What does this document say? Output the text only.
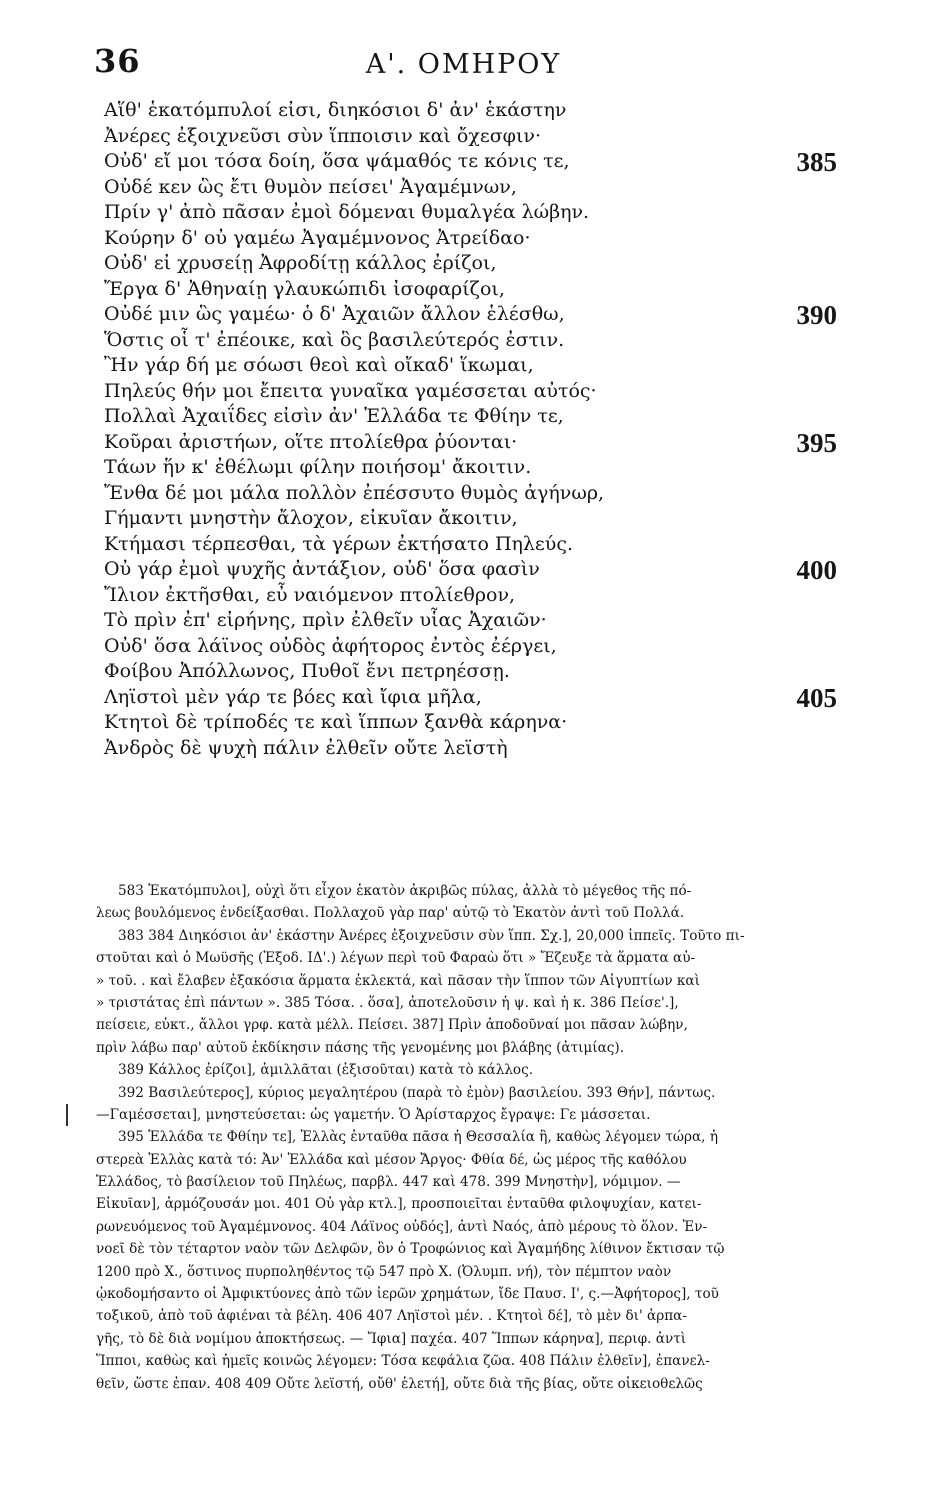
36	Α'. ΟΜΗΡΟΥ
Αἵθ' ἑκατόμπυλοί εἰσι, διηκόσιοι δ' ἀν' ἑκάστην
Ἀνέρες ἐξοιχνεῦσι σὺν ἵπποισιν καὶ ὄχεσφιν·
Οὐδ' εἴ μοι τόσα δοίη, ὅσα ψάμαθός τε κόνις τε,
Οὐδέ κεν ὣς ἔτι θυμὸν πείσει' Ἀγαμέμνων,
Πρίν γ' ἀπὸ πᾶσαν ἐμοὶ δόμεναι θυμαλγέα λώβην.
Κούρην δ' οὐ γαμέω Ἀγαμέμνονος Ἀτρείδαο·
Οὐδ' εἰ χρυσείῃ Ἀφροδίτῃ κάλλος ἐρίζοι,
Ἔργα δ' Ἀθηναίῃ γλαυκώπιδι ἰσοφαρίζοι,
Οὐδέ μιν ὣς γαμέω· ὁ δ' Ἀχαιῶν ἄλλον ἑλέσθω,
Ὅστις οἷ τ' ἐπέοικε, καὶ ὃς βασιλεύτερός ἐστιν.
Ἢν γάρ δή με σόωσι θεοὶ καὶ οἴκαδ' ἵκωμαι,
Πηλεύς θήν μοι ἔπειτα γυναῖκα γαμέσσεται αὐτός·
Πολλαὶ Ἀχαιΐδες εἰσὶν ἀν' Ἑλλάδα τε Φθίην τε,
Κοῦραι ἀριστήων, οἵτε πτολίεθρα ῥύονται·
Τάων ἥν κ' ἐθέλωμι φίλην ποιήσομ' ἄκοιτιν.
Ἔνθα δέ μοι μάλα πολλὸν ἐπέσσυτο θυμὸς ἀγήνωρ,
Γήμαντι μνηστὴν ἄλοχον, εἰκυῖαν ἄκοιτιν,
Κτήμασι τέρπεσθαι, τὰ γέρων ἐκτήσατο Πηλεύς.
Οὐ γάρ ἐμοὶ ψυχῆς ἀντάξιον, οὐδ' ὅσα φασὶν
Ἴλιον ἐκτῆσθαι, εὖ ναιόμενον πτολίεθρον,
Τὸ πρὶν ἐπ' εἰρήνης, πρὶν ἐλθεῖν υἷας Ἀχαιῶν·
Οὐδ' ὅσα λάϊνος οὐδὸς ἀφήτορος ἐντὸς ἐέργει,
Φοίβου Ἀπόλλωνος, Πυθοῖ ἔνι πετρηέσσῃ.
Ληϊστοὶ μὲν γάρ τε βόες καὶ ἴφια μῆλα,
Κτητοὶ δὲ τρίποδές τε καὶ ἵππων ξανθὰ κάρηνα·
Ἀνδρὸς δὲ ψυχὴ πάλιν ἐλθεῖν οὔτε λεϊστὴ
385
390
395
400
405
583 Ἑκατόμπυλοι], οὐχὶ ὅτι εἶχον ἑκατὸν ἀκριβῶς πύλας, ἀλλὰ τὸ μέγεθος τῆς πό-
λεως βουλόμενος ἐνδείξασθαι. Πολλαχοῦ γὰρ παρ' αὐτῷ τὸ Ἑκατὸν ἀντὶ τοῦ Πολλά.
383 384 Διηκόσιοι ἀν' ἑκάστην Ἀνέρες ἐξοιχνεῦσιν σὺν ἵππ. Σχ.], 20,000 ἱππεῖς. Τοῦτο πι-
στοῦται καὶ ὁ Μωϋσῆς (Ἐξοδ. ΙΔ'.) λέγων περὶ τοῦ Φαραὼ ὅτι » Ἔζευξε τὰ ἅρματα αὐ-
» τοῦ. . καὶ ἔλαβεν ἑξακόσια ἅρματα ἐκλεκτά, καὶ πᾶσαν τὴν ἵππον τῶν Αἰγυπτίων καὶ
» τριστάτας ἐπὶ πάντων ». 385 Τόσα. . ὅσα], ἀποτελοῦσιν ἡ ψ. καὶ ἡ κ. 386 Πείσε'.],
πείσειε, εὐκτ., ἄλλοι γρφ. κατὰ μέλλ. Πείσει. 387] Πρὶν ἀποδοῦναί μοι πᾶσαν λώβην,
πρὶν λάβω παρ' αὐτοῦ ἐκδίκησιν πάσης τῆς γενομένης μοι βλάβης (ἀτιμίας).
389 Κάλλος ἐρίζοι], ἁμιλλᾶται (ἐξισοῦται) κατὰ τὸ κάλλος.
392 Βασιλεύτερος], κύριος μεγαλητέρου (παρὰ τὸ ἐμὸν) βασιλείου. 393 Θήν], πάντως.
—Γαμέσσεται], μνηστεύσεται: ὡς γαμετήν. Ὁ Ἀρίσταρχος ἔγραψε: Γε μάσσεται.
395 Ἑλλάδα τε Φθίην τε], Ἑλλὰς ἐνταῦθα πᾶσα ἡ Θεσσαλία ἢ, καθὼς λέγομεν τώρα, ἡ
στερεὰ Ἑλλὰς κατὰ τό: Ἀν' Ἑλλάδα καὶ μέσον Ἄργος· Φθία δέ, ὡς μέρος τῆς καθόλου
Ἑλλάδος, τὸ βασίλειον τοῦ Πηλέως, παρβλ. 447 καὶ 478. 399 Μνηστὴν], νόμιμον. —
Εἰκυῖαν], ἁρμόζουσάν μοι. 401 Οὐ γὰρ κτλ.], προσποιεῖται ἐνταῦθα φιλοψυχίαν, κατει-
ρωνευόμενος τοῦ Ἀγαμέμνονος. 404 Λάϊνος οὐδός], ἀντὶ Ναός, ἀπὸ μέρους τὸ ὅλον. Ἐν-
νοεῖ δὲ τὸν τέταρτον ναὸν τῶν Δελφῶν, ὃν ὁ Τροφώνιος καὶ Ἀγαμήδης λίθινον ἔκτισαν τῷ
1200 πρὸ Χ., ὅστινος πυρποληθέντος τῷ 547 πρὸ Χ. (Ὀλυμπ. νή), τὸν πέμπτον ναὸν
ᾠκοδομήσαντο οἱ Ἀμφικτύονες ἀπὸ τῶν ἱερῶν χρημάτων, ἴδε Παυσ. Ι', ς.—Ἀφήτορος], τοῦ
τοξικοῦ, ἀπὸ τοῦ ἀφιέναι τὰ βέλη. 406 407 Ληϊστοὶ μέν. . Κτητοὶ δέ], τὸ μὲν δι' ἁρπα-
γῆς, τὸ δὲ διὰ νομίμου ἀποκτήσεως. — Ἴφια] παχέα. 407 Ἵππων κάρηνα], περιφ. ἀντὶ
Ἵπποι, καθὼς καὶ ἡμεῖς κοινῶς λέγομεν: Τόσα κεφάλια ζῶα. 408 Πάλιν ἐλθεῖν], ἐπανελ-
θεῖν, ὥστε ἐπαν. 408 409 Οὔτε λεϊστή, οὔθ' ἑλετή], οὔτε διὰ τῆς βίας, οὔτε οἰκειοθελῶς
